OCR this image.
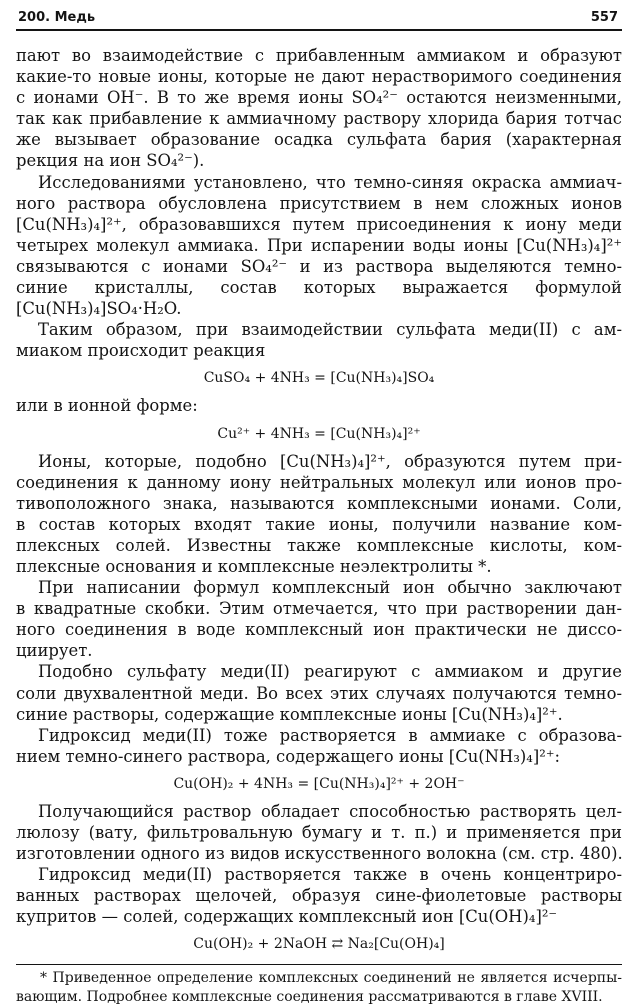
200. Медь	557
пают во взаимодействие с прибавленным аммиаком и образуют
какие-то новые ионы, которые не дают нерастворимого соединения
с ионами OH⁻. В то же время ионы SO₄²⁻ остаются неизменными,
так как прибавление к аммиачному раствору хлорида бария тотчас
же вызывает образование осадка сульфата бария (характерная
рекция на ион SO₄²⁻).
Исследованиями установлено, что темно-синяя окраска аммиач-
ного раствора обусловлена присутствием в нем сложных ионов
[Cu(NH₃)₄]²⁺, образовавшихся путем присоединения к иону меди
четырех молекул аммиака. При испарении воды ионы [Cu(NH₃)₄]²⁺
связываются с ионами SO₄²⁻ и из раствора выделяются темно-
синие кристаллы, состав которых выражается формулой
[Cu(NH₃)₄]SO₄·H₂O.
Таким образом, при взаимодействии сульфата меди(II) с ам-
миаком происходит реакция
CuSO₄ + 4NH₃ = [Cu(NH₃)₄]SO₄
или в ионной форме:
Cu²⁺ + 4NH₃ = [Cu(NH₃)₄]²⁺
Ионы, которые, подобно [Cu(NH₃)₄]²⁺, образуются путем при-
соединения к данному иону нейтральных молекул или ионов про-
тивоположного знака, называются комплексными ионами. Соли,
в состав которых входят такие ионы, получили название ком-
плексных солей. Известны также комплексные кислоты, ком-
плексные основания и комплексные неэлектролиты *.
При написании формул комплексный ион обычно заключают
в квадратные скобки. Этим отмечается, что при растворении дан-
ного соединения в воде комплексный ион практически не диссо-
циирует.
Подобно сульфату меди(II) реагируют с аммиаком и другие
соли двухвалентной меди. Во всех этих случаях получаются темно-
синие растворы, содержащие комплексные ионы [Cu(NH₃)₄]²⁺.
Гидроксид меди(II) тоже растворяется в аммиаке с образова-
нием темно-синего раствора, содержащего ионы [Cu(NH₃)₄]²⁺:
Cu(OH)₂ + 4NH₃ = [Cu(NH₃)₄]²⁺ + 2OH⁻
Получающийся раствор обладает способностью растворять цел-
люлозу (вату, фильтровальную бумагу и т. п.) и применяется при
изготовлении одного из видов искусственного волокна (см. стр. 480).
Гидроксид меди(II) растворяется также в очень концентриро-
ванных растворах щелочей, образуя сине-фиолетовые растворы
купритов — солей, содержащих комплексный ион [Cu(OH)₄]²⁻
Cu(OH)₂ + 2NaOH ⇄ Na₂[Cu(OH)₄]
* Приведенное определение комплексных соединений не является исчерпы-
вающим. Подробнее комплексные соединения рассматриваются в главе XVIII.
